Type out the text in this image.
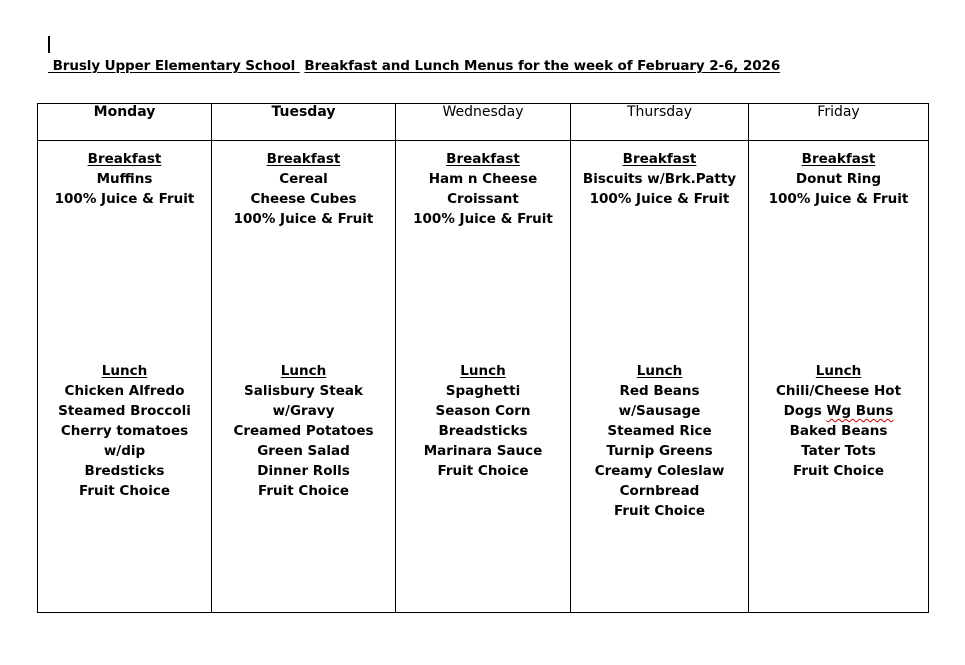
Brusly Upper Elementary School  Breakfast and Lunch Menus for the week of February 2-6, 2026
Monday	Tuesday	Wednesday	Thursday	Friday

Breakfast
Muffins
100% Juice & Fruit
Lunch
Chicken Alfredo
Steamed Broccoli
Cherry tomatoes
w/dip
Bredsticks
Fruit Choice

Breakfast
Cereal
Cheese Cubes
100% Juice & Fruit
Lunch
Salisbury Steak
w/Gravy
Creamed Potatoes
Green Salad
Dinner Rolls
Fruit Choice

Breakfast
Ham n Cheese
Croissant
100% Juice & Fruit
Lunch
Spaghetti
Season Corn
Breadsticks
Marinara Sauce
Fruit Choice

Breakfast
Biscuits w/Brk.Patty
100% Juice & Fruit
Lunch
Red Beans
w/Sausage
Steamed Rice
Turnip Greens
Creamy Coleslaw
Cornbread
Fruit Choice

Breakfast
Donut Ring
100% Juice & Fruit
Lunch
Chili/Cheese Hot
Dogs Wg Buns
Baked Beans
Tater Tots
Fruit Choice
